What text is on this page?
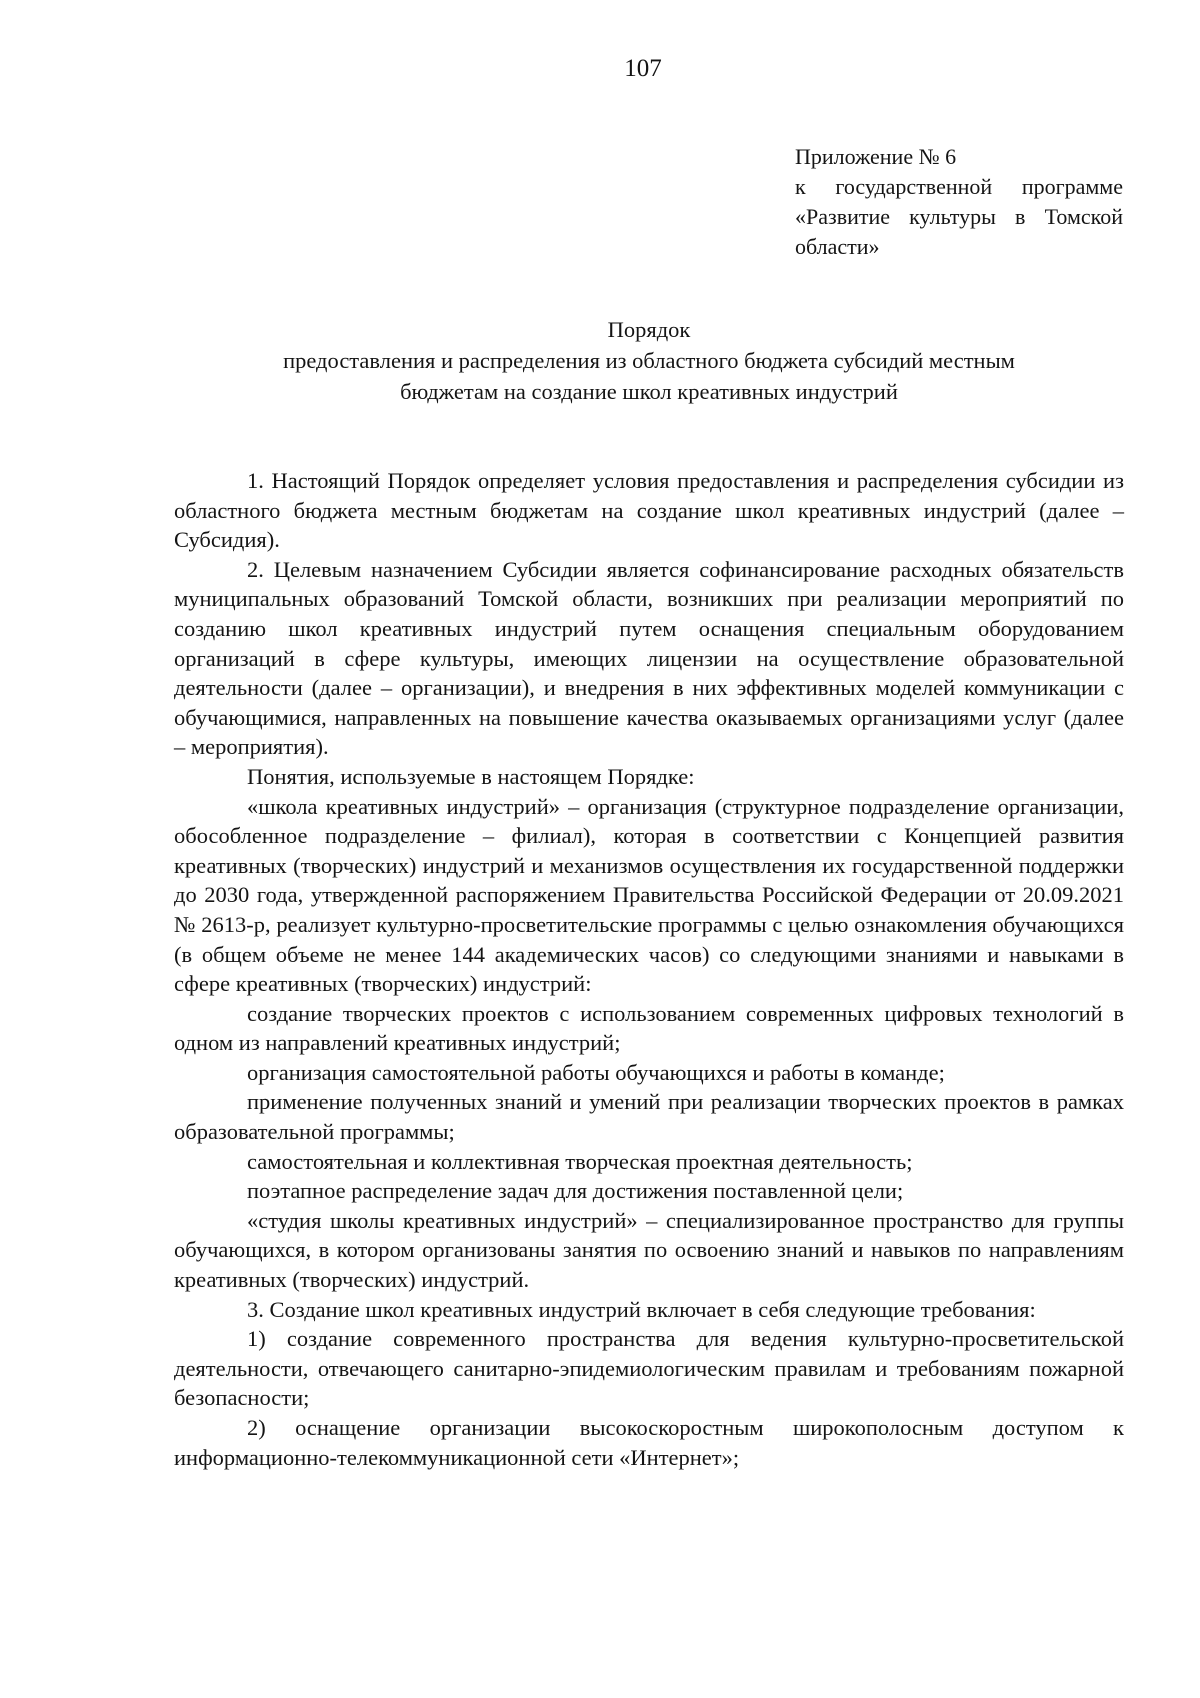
107
Приложение № 6
к государственной программе
«Развитие культуры в Томской
области»
Порядок
предоставления и распределения из областного бюджета субсидий местным
бюджетам на создание школ креативных индустрий

1. Настоящий Порядок определяет условия предоставления и распределения субсидии из областного бюджета местным бюджетам на создание школ креативных индустрий (далее – Субсидия).

2. Целевым назначением Субсидии является софинансирование расходных обязательств муниципальных образований Томской области, возникших при реализации мероприятий по созданию школ креативных индустрий путем оснащения специальным оборудованием организаций в сфере культуры, имеющих лицензии на осуществление образовательной деятельности (далее – организации), и внедрения в них эффективных моделей коммуникации с обучающимися, направленных на повышение качества оказываемых организациями услуг (далее – мероприятия).

Понятия, используемые в настоящем Порядке:

«школа креативных индустрий» – организация (структурное подразделение организации, обособленное подразделение – филиал), которая в соответствии с Концепцией развития креативных (творческих) индустрий и механизмов осуществления их государственной поддержки до 2030 года, утвержденной распоряжением Правительства Российской Федерации от 20.09.2021 № 2613-р, реализует культурно-просветительские программы с целью ознакомления обучающихся (в общем объеме не менее 144 академических часов) со следующими знаниями и навыками в сфере креативных (творческих) индустрий:

создание творческих проектов с использованием современных цифровых технологий в одном из направлений креативных индустрий;

организация самостоятельной работы обучающихся и работы в команде;

применение полученных знаний и умений при реализации творческих проектов в рамках образовательной программы;

самостоятельная и коллективная творческая проектная деятельность;

поэтапное распределение задач для достижения поставленной цели;

«студия школы креативных индустрий» – специализированное пространство для группы обучающихся, в котором организованы занятия по освоению знаний и навыков по направлениям креативных (творческих) индустрий.

3. Создание школ креативных индустрий включает в себя следующие требования:

1) создание современного пространства для ведения культурно-просветительской деятельности, отвечающего санитарно-эпидемиологическим правилам и требованиям пожарной безопасности;

2) оснащение организации высокоскоростным широкополосным доступом к информационно-телекоммуникационной сети «Интернет»;
